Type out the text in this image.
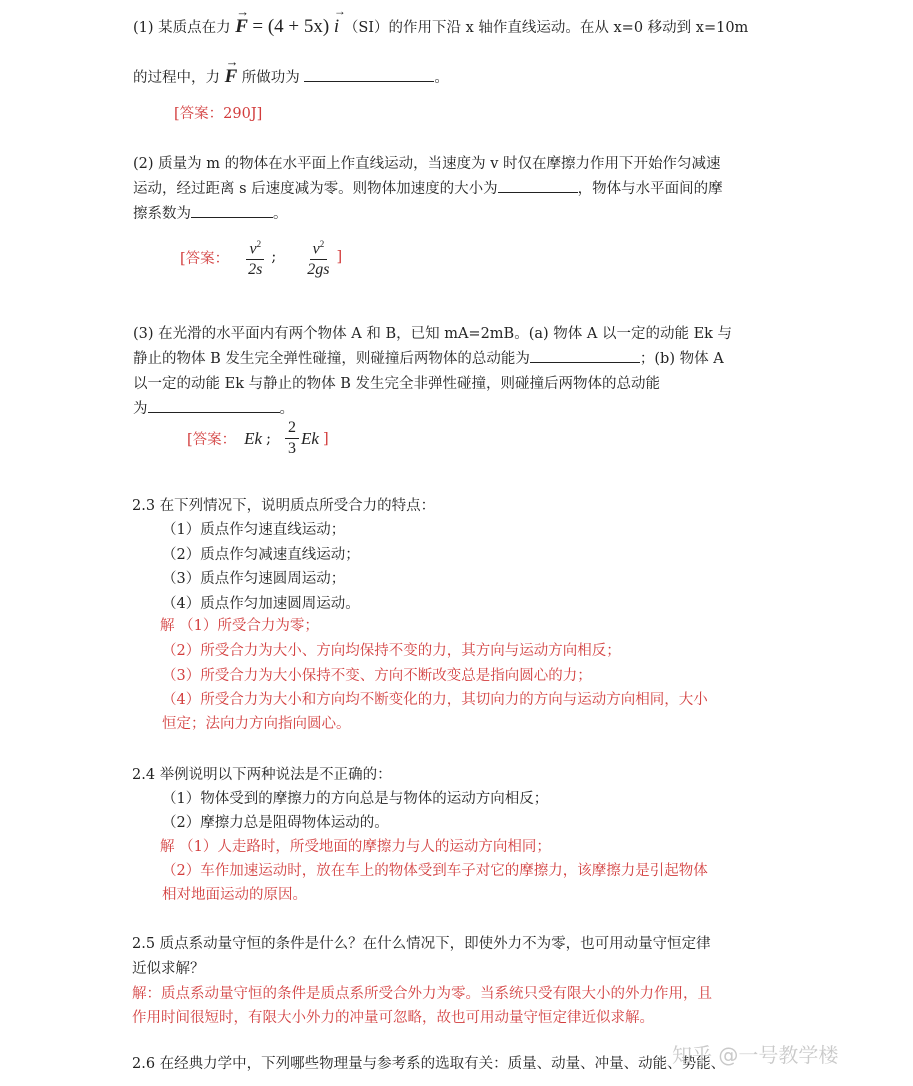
(1) 某质点在力
→
F = (4 + 5x)
→
i （SI）的作用下沿 x 轴作直线运动。在从 x=0 移动到 x=10m
的过程中，力
→
F 所做功为	。
[答案：290J]
(2) 质量为 m 的物体在水平面上作直线运动，当速度为 v 时仅在摩擦力作用下开始作匀减速
运动，经过距离 s 后速度减为零。则物体加速度的大小为	，物体与水平面间的摩
擦系数为	。
[答案： $\frac{v^2}{2s}$ ; $\frac{v^2}{2gs}$ ]
(3) 在光滑的水平面内有两个物体 A 和 B，已知 mA=2mB。(a) 物体 A 以一定的动能 Ek 与
静止的物体 B 发生完全弹性碰撞，则碰撞后两物体的总动能为	；(b) 物体 A
以一定的动能 Ek 与静止的物体 B 发生完全非弹性碰撞，则碰撞后两物体的总动能
为	。
[答案： Ek ; $\frac{2}{3}$ Ek ]
2.3 在下列情况下，说明质点所受合力的特点：
（1）质点作匀速直线运动；
（2）质点作匀减速直线运动；
（3）质点作匀速圆周运动；
（4）质点作匀加速圆周运动。
解 （1）所受合力为零；
（2）所受合力为大小、方向均保持不变的力，其方向与运动方向相反；
（3）所受合力为大小保持不变、方向不断改变总是指向圆心的力；
（4）所受合力为大小和方向均不断变化的力，其切向力的方向与运动方向相同，大小
恒定；法向力方向指向圆心。
2.4 举例说明以下两种说法是不正确的：
（1）物体受到的摩擦力的方向总是与物体的运动方向相反；
（2）摩擦力总是阻碍物体运动的。
解 （1）人走路时，所受地面的摩擦力与人的运动方向相同；
（2）车作加速运动时，放在车上的物体受到车子对它的摩擦力，该摩擦力是引起物体
相对地面运动的原因。
2.5 质点系动量守恒的条件是什么？在什么情况下，即使外力不为零，也可用动量守恒定律
近似求解？
解：质点系动量守恒的条件是质点系所受合外力为零。当系统只受有限大小的外力作用，且
作用时间很短时，有限大小外力的冲量可忽略，故也可用动量守恒定律近似求解。
2.6 在经典力学中，下列哪些物理量与参考系的选取有关：质量、动量、冲量、动能、势能、
知乎 @一号教学楼
